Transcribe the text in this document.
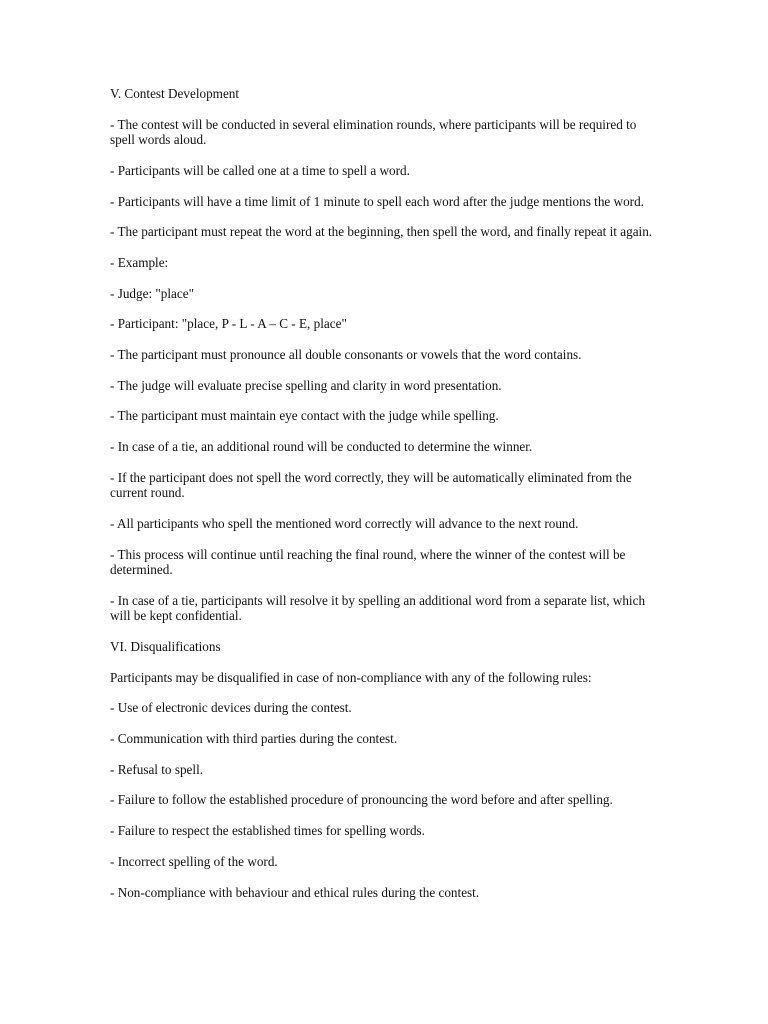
V. Contest Development

- The contest will be conducted in several elimination rounds, where participants will be required to spell words aloud.

- Participants will be called one at a time to spell a word.

- Participants will have a time limit of 1 minute to spell each word after the judge mentions the word.

- The participant must repeat the word at the beginning, then spell the word, and finally repeat it again.

- Example:

- Judge: "place"

- Participant: "place, P - L - A – C - E, place"

- The participant must pronounce all double consonants or vowels that the word contains.

- The judge will evaluate precise spelling and clarity in word presentation.

- The participant must maintain eye contact with the judge while spelling.

- In case of a tie, an additional round will be conducted to determine the winner.

- If the participant does not spell the word correctly, they will be automatically eliminated from the current round.

- All participants who spell the mentioned word correctly will advance to the next round.

- This process will continue until reaching the final round, where the winner of the contest will be determined.

- In case of a tie, participants will resolve it by spelling an additional word from a separate list, which will be kept confidential.

VI. Disqualifications

Participants may be disqualified in case of non-compliance with any of the following rules:

- Use of electronic devices during the contest.

- Communication with third parties during the contest.

- Refusal to spell.

- Failure to follow the established procedure of pronouncing the word before and after spelling.

- Failure to respect the established times for spelling words.

- Incorrect spelling of the word.

- Non-compliance with behaviour and ethical rules during the contest.
